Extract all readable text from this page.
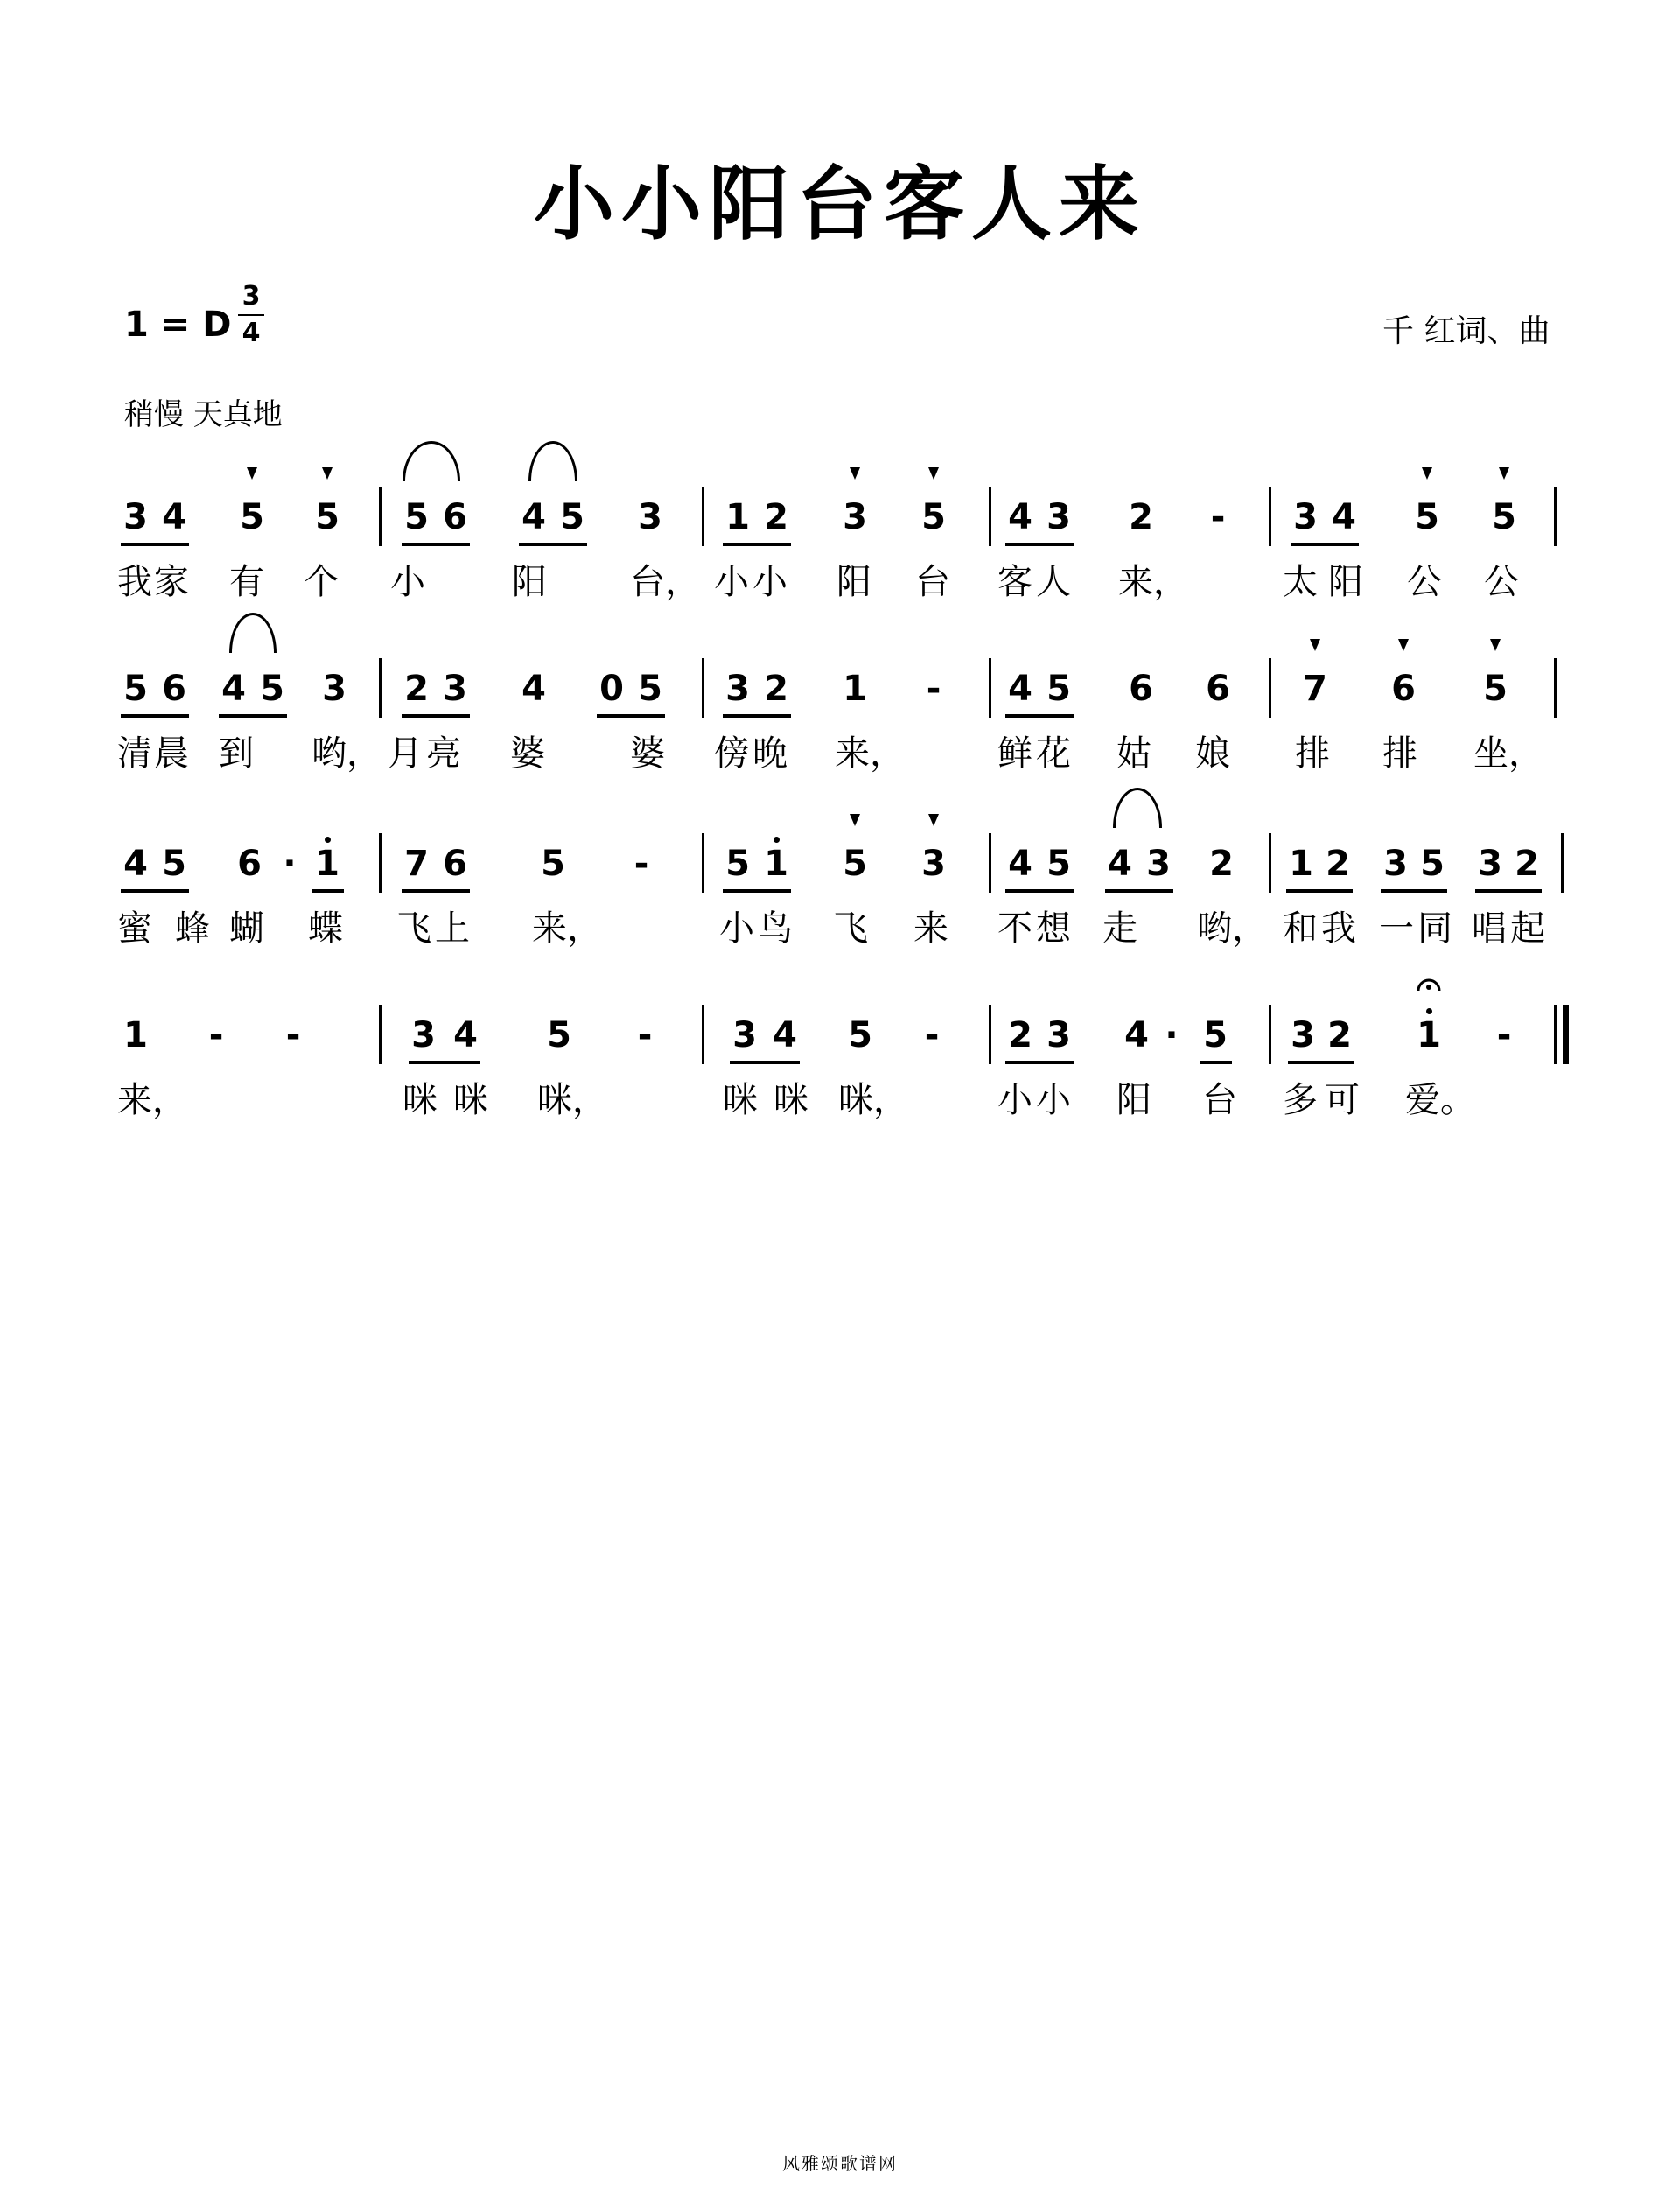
小小阳台客人来
1 = D
3
4	千 红词、曲
稍慢 天真地
3 4 5 5 5 6 4 5 3 1 2 3 5 4 3 2 - 3 4 5 5
我 家 有 个 小 阳 台， 小 小 阳 台 客 人 来，	太 阳 公 公
5 6 4 5 3 2 3 4 0 5 3 2 1 - 4 5 6 6 7 6 5
清 晨 到 哟， 月 亮 婆 婆 傍 晚 来，	鲜 花 姑 娘 排 排 坐，
4 5 6 · 1 7 6 5 - 5 1 5 3 4 5 4 3 2 1 2 3 5 3 2
蜜 蜂 蝴 蝶 飞 上 来，	小 鸟 飞 来 不 想 走 哟， 和 我 一 同 唱 起
1 - -	3 4 5 - 3 4 5 - 2 3 4 · 5 3 2 1 -
来，	咪 咪 咪，	咪 咪 咪，	小 小 阳 台 多 可 爱。
风雅颂歌谱网
